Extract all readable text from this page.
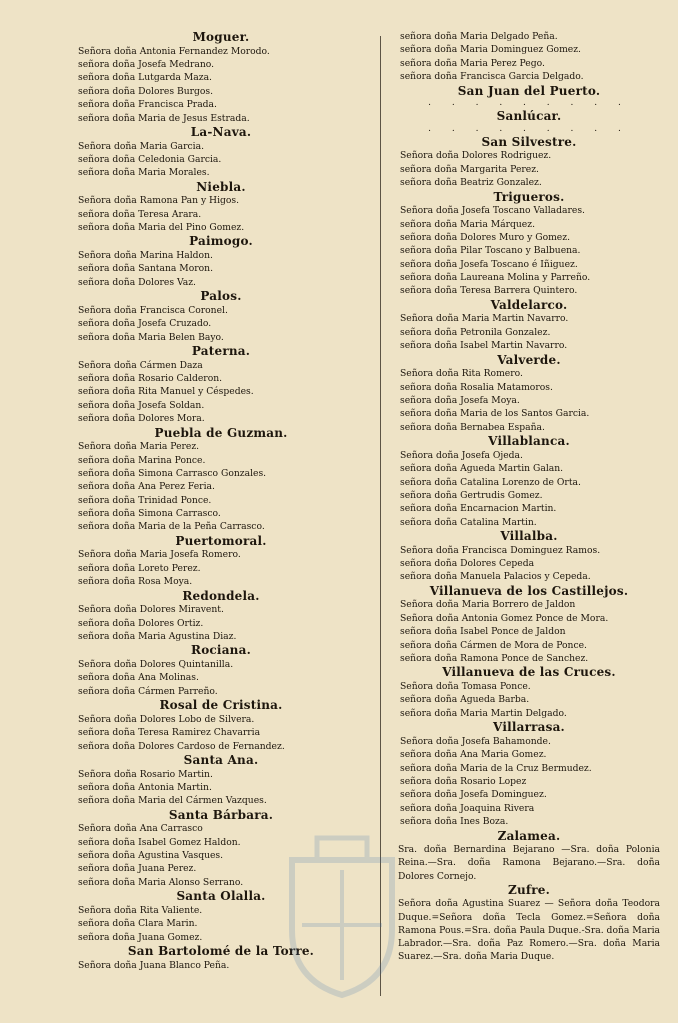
Moguer.
Señora doña Antonia Fernandez Morodo.
señora doña Josefa Medrano.
señora doña Lutgarda Maza.
señora doña Dolores Burgos.
señora doña Francisca Prada.
señora doña Maria de Jesus Estrada.
La-Nava.
Señora doña Maria Garcia.
señora doña Celedonia Garcia.
señora doña Maria Morales.
Niebla.
Señora doña Ramona Pan y Higos.
señora doña Teresa Arara.
señora doña Maria del Pino Gomez.
Paimogo.
Señora doña Marina Haldon.
señora doña Santana Moron.
señora doña Dolores Vaz.
Palos.
Señora doña Francisca Coronel.
señora doña Josefa Cruzado.
señora doña Maria Belen Bayo.
Paterna.
Señora doña Cármen Daza
señora doña Rosario Calderon.
señora doña Rita Manuel y Céspedes.
señora doña Josefa Soldan.
señora doña Dolores Mora.
Puebla de Guzman.
Señora doña Maria Perez.
señora doña Marina Ponce.
señora doña Simona Carrasco Gonzales.
señora doña Ana Perez Feria.
señora doña Trinidad Ponce.
señora doña Simona Carrasco.
señora doña Maria de la Peña Carrasco.
Puertomoral.
Señora doña Maria Josefa Romero.
señora doña Loreto Perez.
señora doña Rosa Moya.
Redondela.
Señora doña Dolores Miravent.
señora doña Dolores Ortiz.
señora doña Maria Agustina Diaz.
Rociana.
Señora doña Dolores Quintanilla.
señora doña Ana Molinas.
señora doña Cármen Parreño.
Rosal de Cristina.
Señora doña Dolores Lobo de Silvera.
señora doña Teresa Ramirez Chavarria
señora doña Dolores Cardoso de Fernandez.
Santa Ana.
Señora doña Rosario Martin.
señora doña Antonia Martin.
señora doña Maria del Cármen Vazques.
Santa Bárbara.
Señora doña Ana Carrasco
señora doña Isabel Gomez Haldon.
señora doña Agustina Vasques.
señora doña Juana Perez.
señora doña Maria Alonso Serrano.
Santa Olalla.
Señora doña Rita Valiente.
señora doña Clara Marin.
señora doña Juana Gomez.
San Bartolomé de la Torre.
Señora doña Juana Blanco Peña.
señora doña Maria Delgado Peña.
señora doña Maria Dominguez Gomez.
señora doña Maria Perez Pego.
señora doña Francisca Garcia Delgado.
San Juan del Puerto.
. . . . . . . . .
Sanlúcar.
. . . . . . . . .
San Silvestre.
Señora doña Dolores Rodriguez.
señora doña Margarita Perez.
señora doña Beatriz Gonzalez.
Trigueros.
Señora doña Josefa Toscano Valladares.
señora doña Maria Márquez.
señora doña Dolores Muro y Gomez.
señora doña Pilar Toscano y Balbuena.
señora doña Josefa Toscano é Iñiguez.
señora doña Laureana Molina y Parreño.
señora doña Teresa Barrera Quintero.
Valdelarco.
Señora doña Maria Martin Navarro.
señora doña Petronila Gonzalez.
señora doña Isabel Martin Navarro.
Valverde.
Señora doña Rita Romero.
señora doña Rosalia Matamoros.
señora doña Josefa Moya.
señora doña Maria de los Santos Garcia.
señora doña Bernabea España.
Villablanca.
Señora doña Josefa Ojeda.
señora doña Agueda Martin Galan.
señora doña Catalina Lorenzo de Orta.
señora doña Gertrudis Gomez.
señora doña Encarnacion Martin.
señora doña Catalina Martin.
Villalba.
Señora doña Francisca Dominguez Ramos.
señora doña Dolores Cepeda
señora doña Manuela Palacios y Cepeda.
Villanueva de los Castillejos.
Señora doña Maria Borrero de Jaldon
Señora doña Antonia Gomez Ponce de Mora.
señora doña Isabel Ponce de Jaldon
señora doña Cármen de Mora de Ponce.
señora doña Ramona Ponce de Sanchez.
Villanueva de las Cruces.
Señora doña Tomasa Ponce.
señora doña Agueda Barba.
señora doña Maria Martin Delgado.
Villarrasa.
Señora doña Josefa Bahamonde.
señora doña Ana Maria Gomez.
señora doña Maria de la Cruz Bermudez.
señora doña Rosario Lopez
señora doña Josefa Dominguez.
señora doña Joaquina Rivera
señora doña Ines Boza.
Zalamea.
Sra. doña Bernardina Bejarano —Sra. doña Polonia Reina.—Sra. doña Ramona Bejarano.—Sra. doña Dolores Cornejo.
Zufre.
Señora doña Agustina Suarez — Señora doña Teodora Duque.=Señora doña Tecla Gomez.=Señora doña Ramona Pous.=Sra. doña Paula Duque.-Sra. doña Maria Labrador.—Sra. doña Paz Romero.—Sra. doña Maria Suarez.—Sra. doña Maria Duque.
